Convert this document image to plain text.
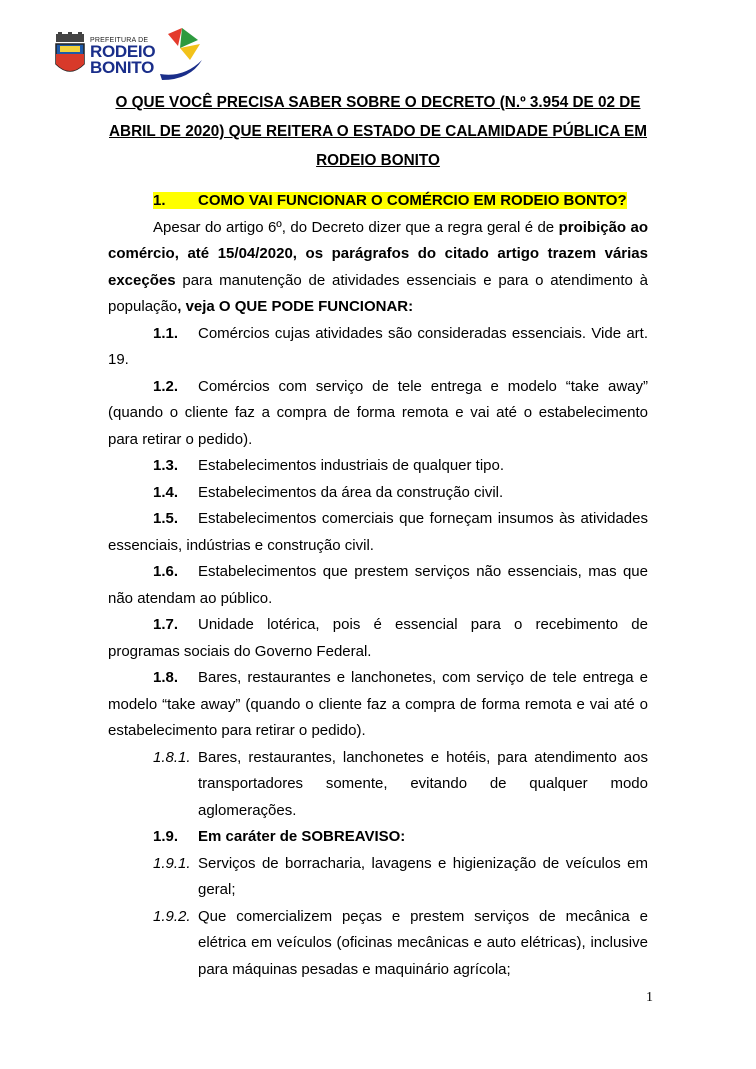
PREFEITURA DE
RODEIO
BONITO
O QUE VOCÊ PRECISA SABER SOBRE O DECRETO (N.º 3.954 DE 02 DE ABRIL DE 2020) QUE REITERA O ESTADO DE CALAMIDADE PÚBLICA EM RODEIO BONITO
1. COMO VAI FUNCIONAR O COMÉRCIO EM RODEIO BONTO?

Apesar do artigo 6º, do Decreto dizer que a regra geral é de proibição ao comércio, até 15/04/2020, os parágrafos do citado artigo trazem várias exceções para manutenção de atividades essenciais e para o atendimento à população, veja O QUE PODE FUNCIONAR:

1.1. Comércios cujas atividades são consideradas essenciais. Vide art. 19.

1.2. Comércios com serviço de tele entrega e modelo “take away” (quando o cliente faz a compra de forma remota e vai até o estabelecimento para retirar o pedido).

1.3. Estabelecimentos industriais de qualquer tipo.

1.4. Estabelecimentos da área da construção civil.

1.5. Estabelecimentos comerciais que forneçam insumos às atividades essenciais, indústrias e construção civil.

1.6. Estabelecimentos que prestem serviços não essenciais, mas que não atendam ao público.

1.7. Unidade lotérica, pois é essencial para o recebimento de programas sociais do Governo Federal.

1.8. Bares, restaurantes e lanchonetes, com serviço de tele entrega e modelo “take away” (quando o cliente faz a compra de forma remota e vai até o estabelecimento para retirar o pedido).

1.8.1. Bares, restaurantes, lanchonetes e hotéis, para atendimento aos transportadores somente, evitando de qualquer modo aglomerações.
1.9. Em caráter de SOBREAVISO:
1.9.1. Serviços de borracharia, lavagens e higienização de veículos em geral;
1.9.2. Que comercializem peças e prestem serviços de mecânica e elétrica em veículos (oficinas mecânicas e auto elétricas), inclusive para máquinas pesadas e maquinário agrícola;
1
